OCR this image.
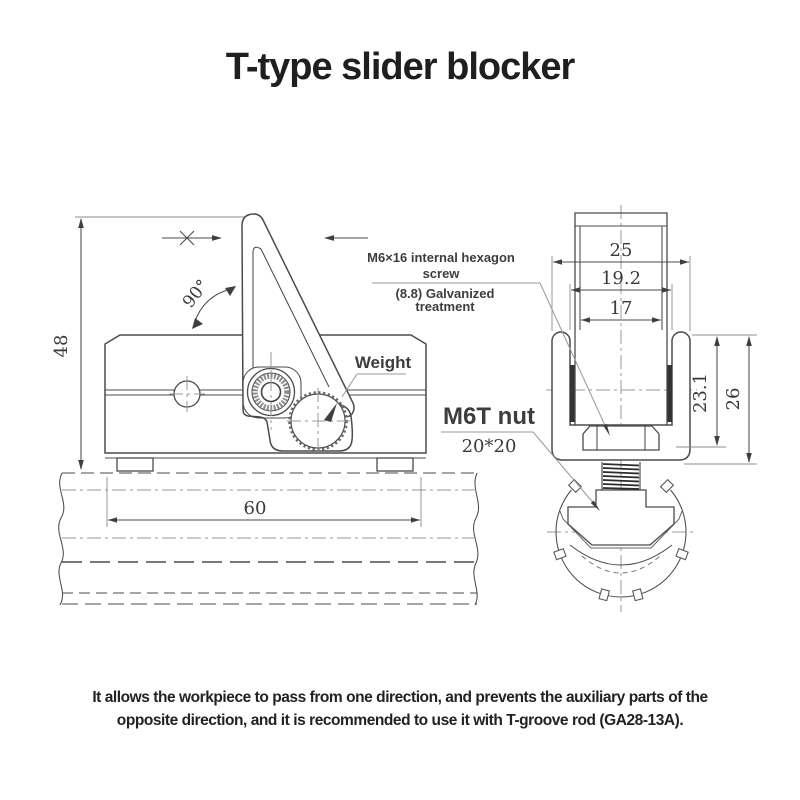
T-type slider blocker
60
48
90°
Weight
25
19.2
17
23.1 26
M6×16 internal hexagon
screw
(8.8) Galvanized
treatment
M6T nut
20*20
It allows the workpiece to pass from one direction, and prevents the auxiliary parts of the
opposite direction, and it is recommended to use it with T-groove rod (GA28-13A).
